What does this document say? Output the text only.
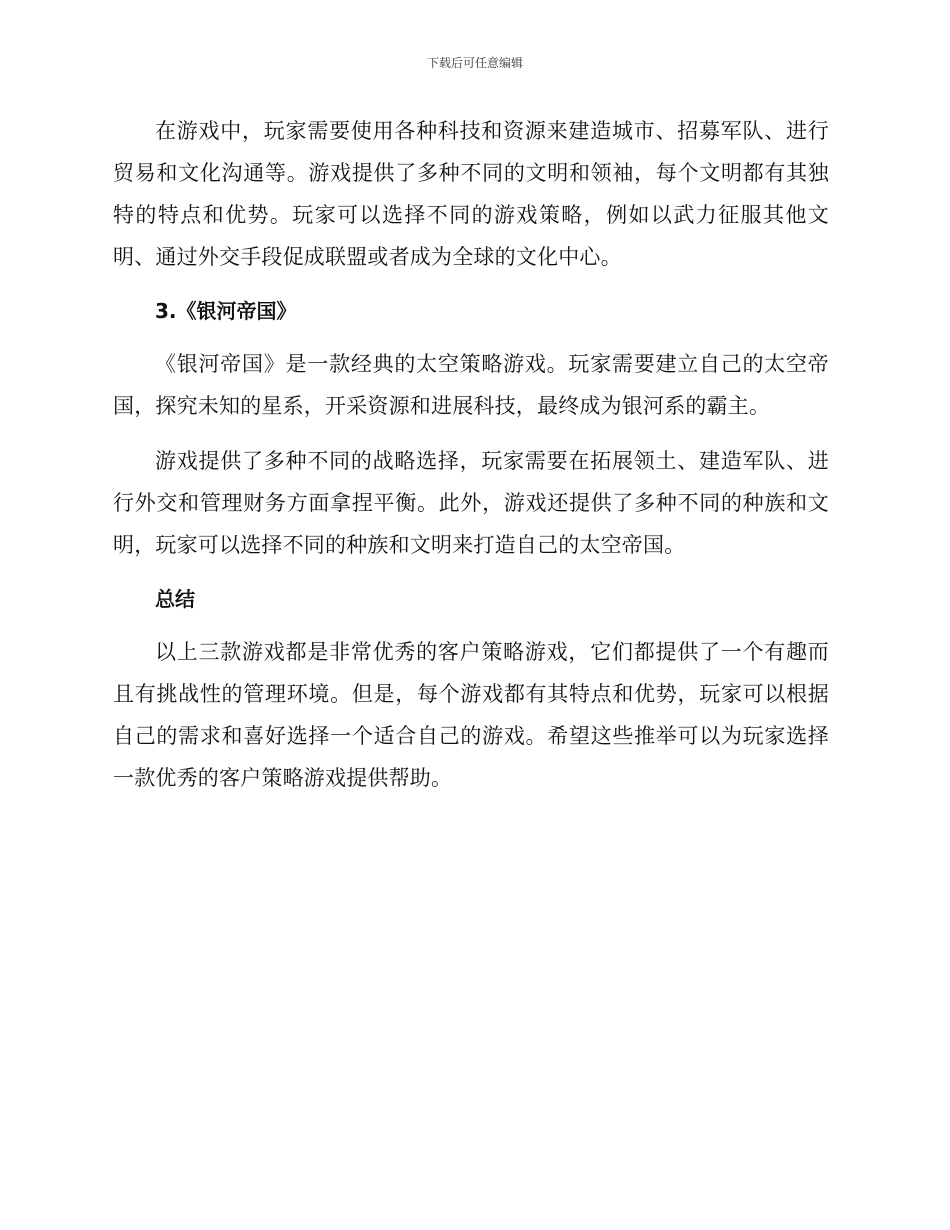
下载后可任意编辑

在游戏中，玩家需要使用各种科技和资源来建造城市、招募军队、进行贸易和文化沟通等。游戏提供了多种不同的文明和领袖，每个文明都有其独特的特点和优势。玩家可以选择不同的游戏策略，例如以武力征服其他文明、通过外交手段促成联盟或者成为全球的文化中心。

3.《银河帝国》

《银河帝国》是一款经典的太空策略游戏。玩家需要建立自己的太空帝国，探究未知的星系，开采资源和进展科技，最终成为银河系的霸主。

游戏提供了多种不同的战略选择，玩家需要在拓展领土、建造军队、进行外交和管理财务方面拿捏平衡。此外，游戏还提供了多种不同的种族和文明，玩家可以选择不同的种族和文明来打造自己的太空帝国。

总结

以上三款游戏都是非常优秀的客户策略游戏，它们都提供了一个有趣而且有挑战性的管理环境。但是，每个游戏都有其特点和优势，玩家可以根据自己的需求和喜好选择一个适合自己的游戏。希望这些推举可以为玩家选择一款优秀的客户策略游戏提供帮助。
